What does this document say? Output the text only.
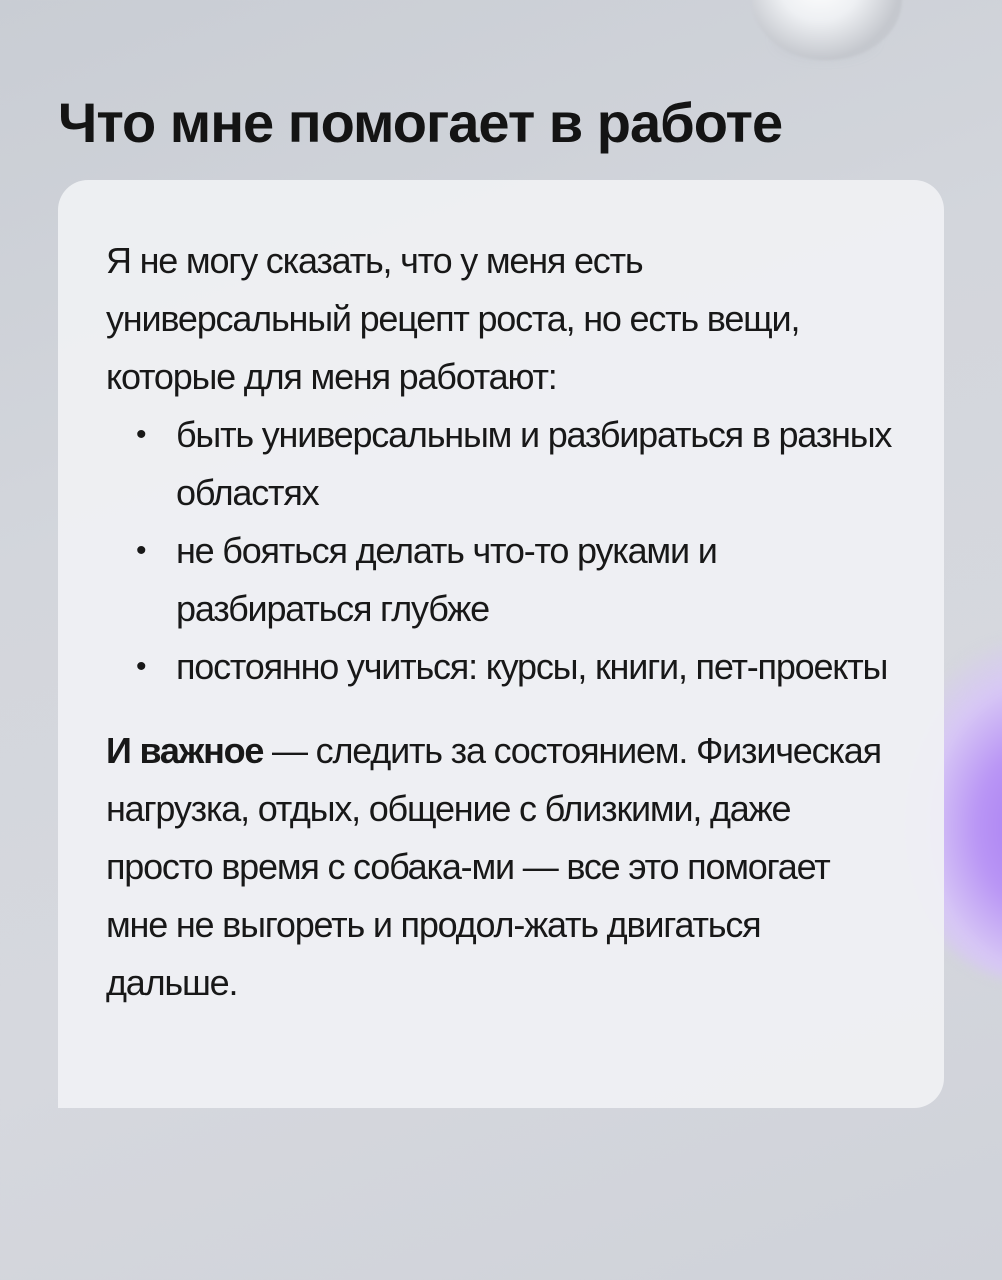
Что мне помогает в работе

Я не могу сказать, что у меня есть универсальный рецепт роста, но есть вещи, которые для меня работают:

• быть универсальным и разбираться в разных областях
• не бояться делать что-то руками и разбираться глубже
• постоянно учиться: курсы, книги, пет-проекты

И важное — следить за состоянием. Физическая нагрузка, отдых, общение с близкими, даже просто время с собака-ми — все это помогает мне не выгореть и продол-жать двигаться дальше.
